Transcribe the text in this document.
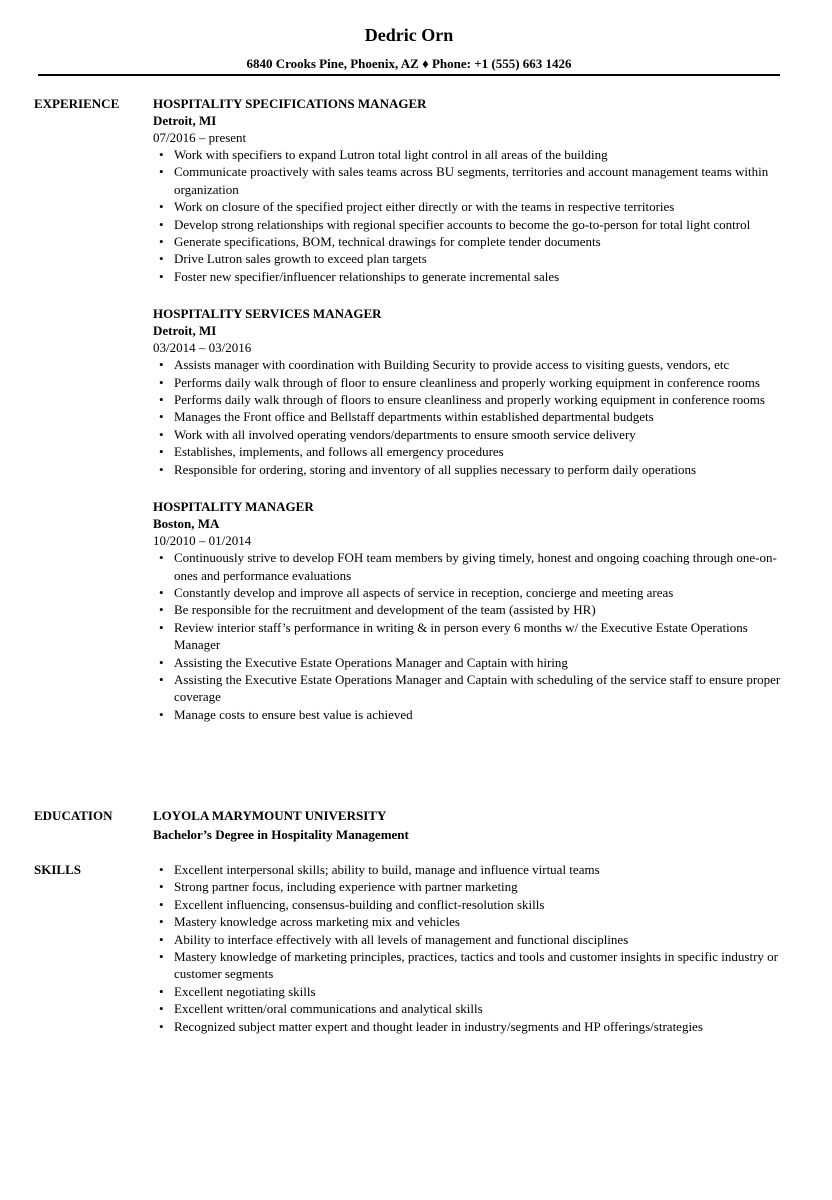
Dedric Orn
6840 Crooks Pine, Phoenix, AZ ♦ Phone: +1 (555) 663 1426
EXPERIENCE	HOSPITALITY SPECIFICATIONS MANAGER
Detroit, MI
07/2016 – present
• Work with specifiers to expand Lutron total light control in all areas of the building
• Communicate proactively with sales teams across BU segments, territories and account management teams within organization
• Work on closure of the specified project either directly or with the teams in respective territories
• Develop strong relationships with regional specifier accounts to become the go-to-person for total light control
• Generate specifications, BOM, technical drawings for complete tender documents
• Drive Lutron sales growth to exceed plan targets
• Foster new specifier/influencer relationships to generate incremental sales
HOSPITALITY SERVICES MANAGER
Detroit, MI
03/2014 – 03/2016
• Assists manager with coordination with Building Security to provide access to visiting guests, vendors, etc
• Performs daily walk through of floor to ensure cleanliness and properly working equipment in conference rooms
• Performs daily walk through of floors to ensure cleanliness and properly working equipment in conference rooms
• Manages the Front office and Bellstaff departments within established departmental budgets
• Work with all involved operating vendors/departments to ensure smooth service delivery
• Establishes, implements, and follows all emergency procedures
• Responsible for ordering, storing and inventory of all supplies necessary to perform daily operations
HOSPITALITY MANAGER
Boston, MA
10/2010 – 01/2014
• Continuously strive to develop FOH team members by giving timely, honest and ongoing coaching through one-on-ones and performance evaluations
• Constantly develop and improve all aspects of service in reception, concierge and meeting areas
• Be responsible for the recruitment and development of the team (assisted by HR)
• Review interior staff’s performance in writing & in person every 6 months w/ the Executive Estate Operations Manager
• Assisting the Executive Estate Operations Manager and Captain with hiring
• Assisting the Executive Estate Operations Manager and Captain with scheduling of the service staff to ensure proper coverage
• Manage costs to ensure best value is achieved
EDUCATION	LOYOLA MARYMOUNT UNIVERSITY
Bachelor’s Degree in Hospitality Management
SKILLS
•	Excellent interpersonal skills; ability to build, manage and influence virtual teams
• Strong partner focus, including experience with partner marketing
• Excellent influencing, consensus-building and conflict-resolution skills
• Mastery knowledge across marketing mix and vehicles
• Ability to interface effectively with all levels of management and functional disciplines
• Mastery knowledge of marketing principles, practices, tactics and tools and customer insights in specific industry or customer segments
• Excellent negotiating skills
• Excellent written/oral communications and analytical skills
• Recognized subject matter expert and thought leader in industry/segments and HP offerings/strategies
